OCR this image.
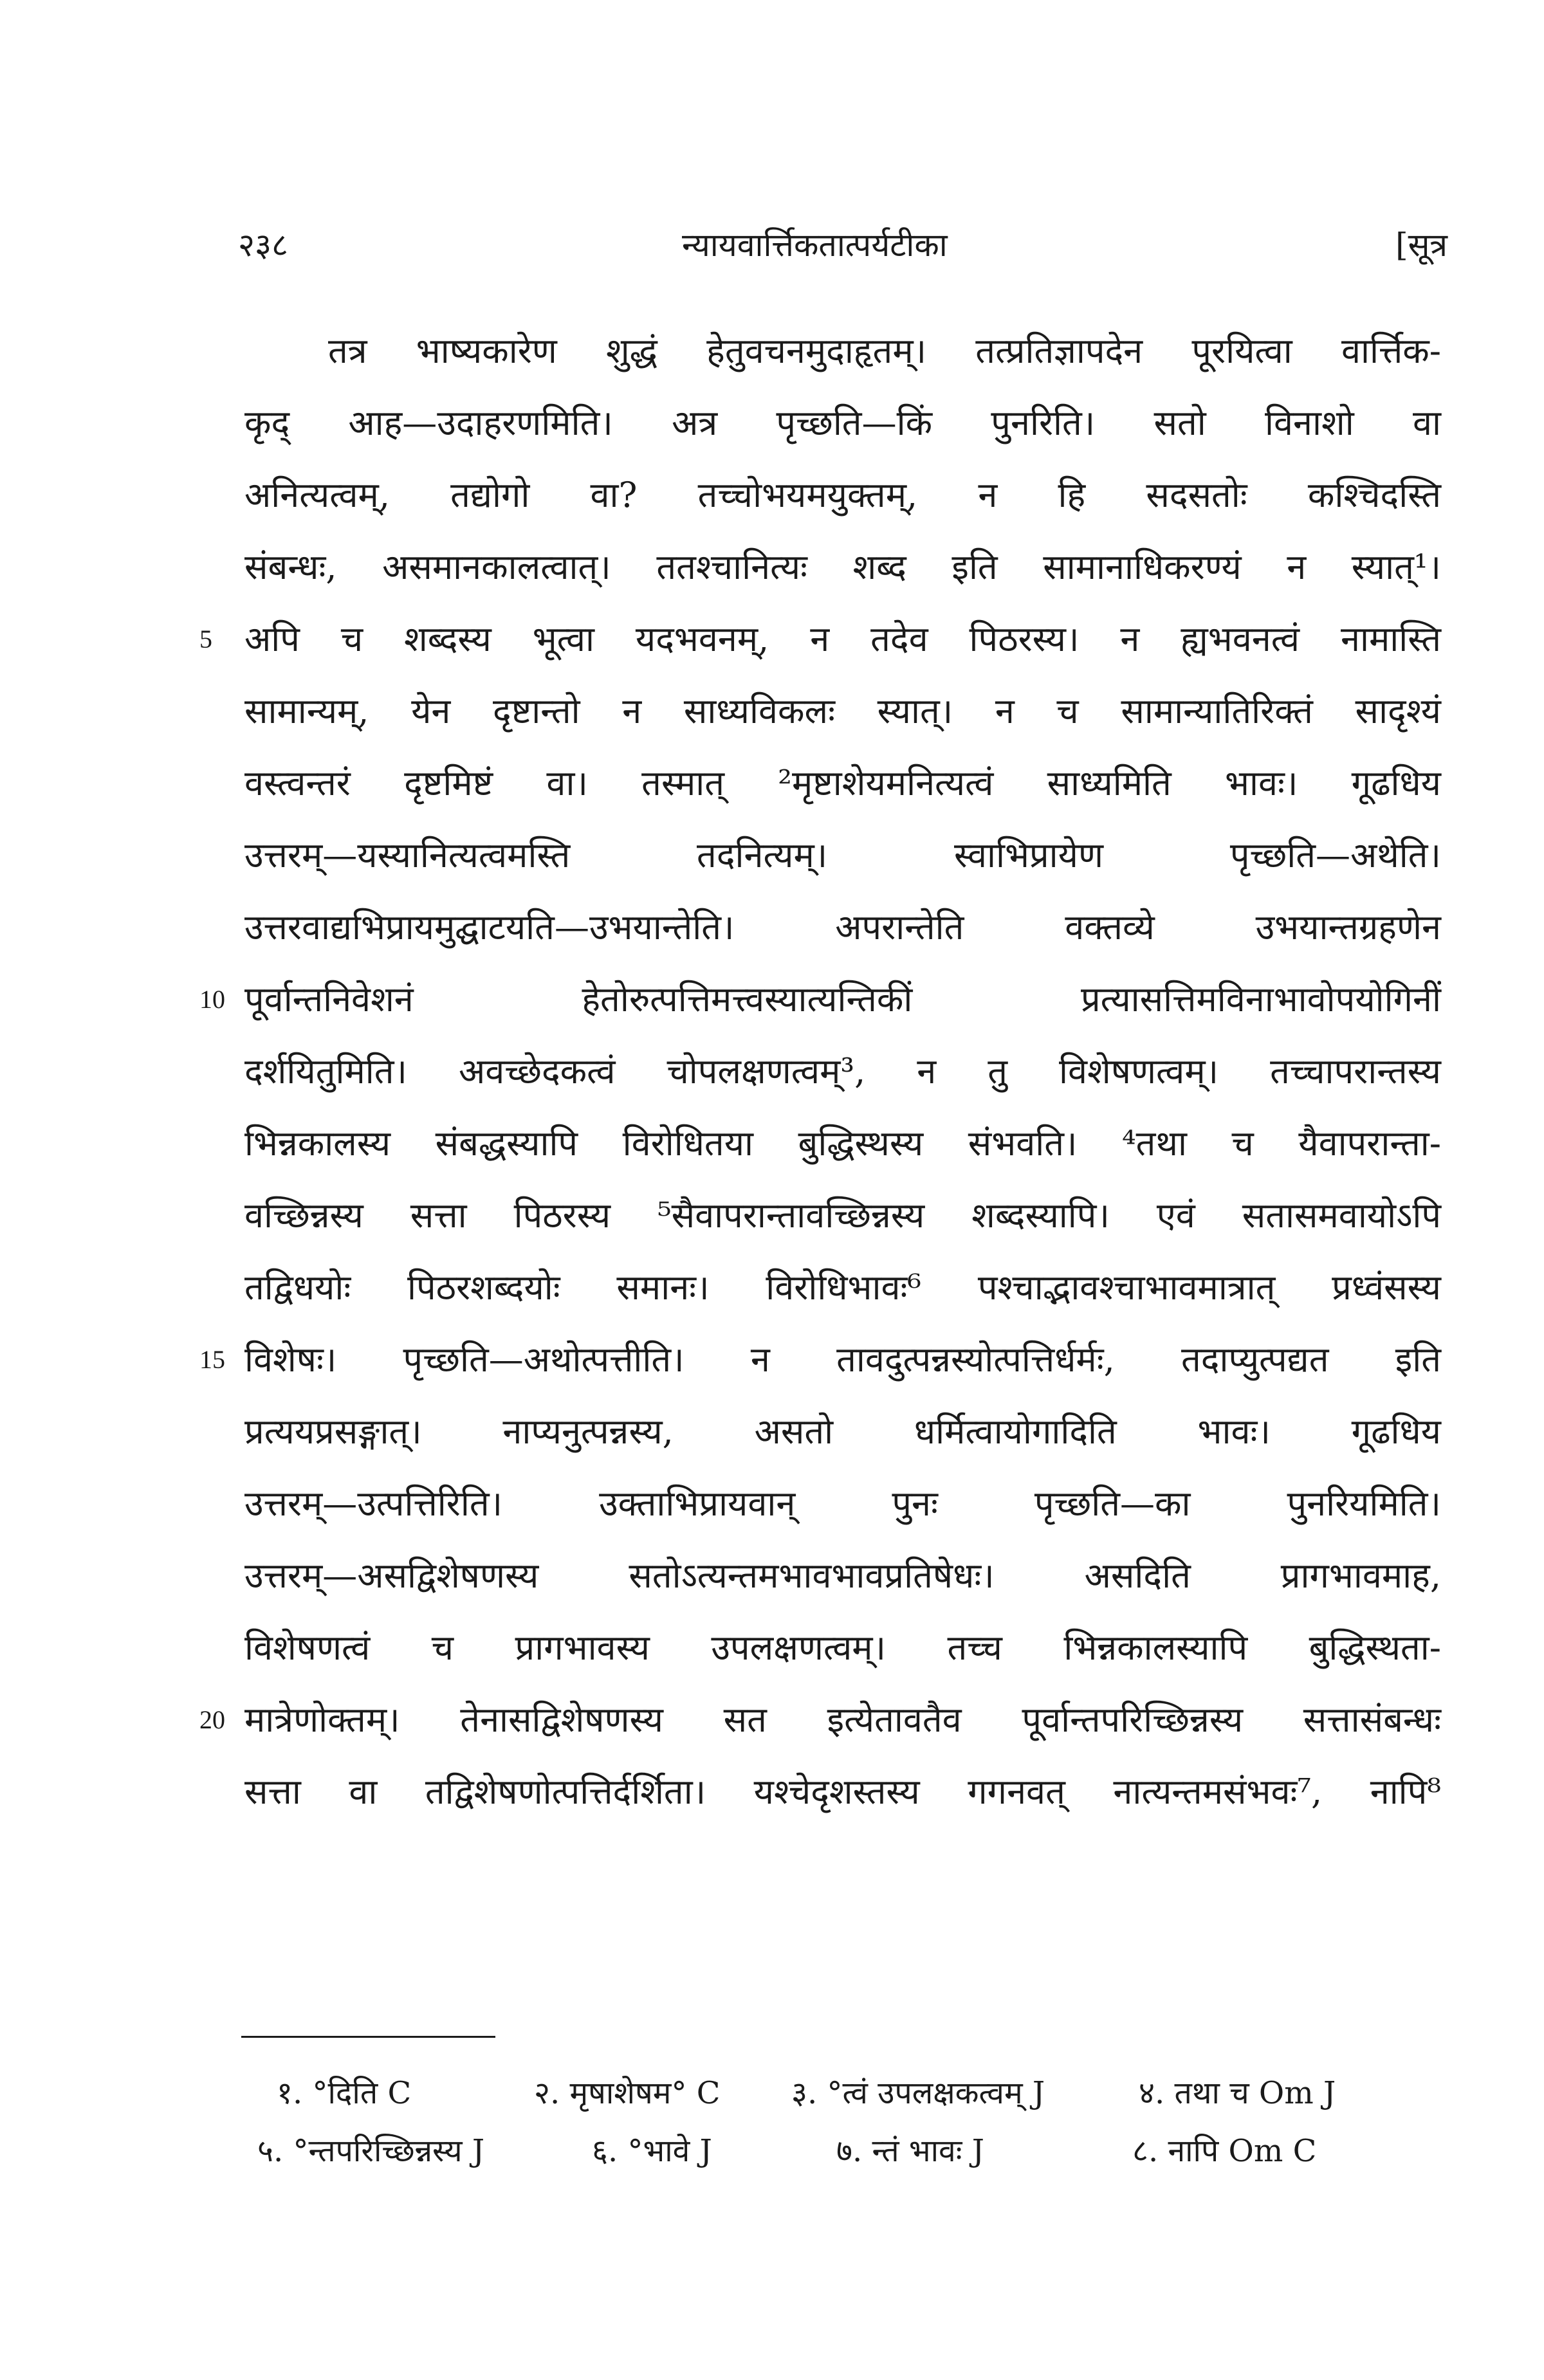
२३८	न्यायवार्त्तिकतात्पर्यटीका	[सूत्र
तत्र भाष्यकारेण शुद्धं हेतुवचनमुदाहृतम्। तत्प्रतिज्ञापदेन पूरयित्वा वार्त्तिक-
कृद् आह—उदाहरणमिति। अत्र पृच्छति—किं पुनरिति। सतो विनाशो वा
अनित्यत्वम्, तद्योगो वा? तच्चोभयमयुक्तम्, न हि सदसतोः कश्चिदस्ति
संबन्धः, असमानकालत्वात्। ततश्चानित्यः शब्द इति सामानाधिकरण्यं न स्यात्¹।
5 अपि च शब्दस्य भूत्वा यदभवनम्, न तदेव पिठरस्य। न ह्यभवनत्वं नामास्ति
सामान्यम्, येन दृष्टान्तो न साध्यविकलः स्यात्। न च सामान्यातिरिक्तं सादृश्यं
वस्त्वन्तरं दृष्टमिष्टं वा। तस्मात् ²मृष्टाशेयमनित्यत्वं साध्यमिति भावः। गूढधिय
उत्तरम्—यस्यानित्यत्वमस्ति तदनित्यम्। स्वाभिप्रायेण पृच्छति—अथेति।
उत्तरवाद्यभिप्रायमुद्घाटयति—उभयान्तेति। अपरान्तेति वक्तव्ये उभयान्तग्रहणेन
10 पूर्वान्तनिवेशनं हेतोरुत्पत्तिमत्त्वस्यात्यन्तिकीं प्रत्यासत्तिमविनाभावोपयोगिनीं
दर्शयितुमिति। अवच्छेदकत्वं चोपलक्षणत्वम्³, न तु विशेषणत्वम्। तच्चापरान्तस्य
भिन्नकालस्य संबद्धस्यापि विरोधितया बुद्धिस्थस्य संभवति। ⁴तथा च यैवापरान्ता-
वच्छिन्नस्य सत्ता पिठरस्य ⁵सैवापरान्तावच्छिन्नस्य शब्दस्यापि। एवं सतासमवायोऽपि
तद्विधयोः पिठरशब्दयोः समानः। विरोधिभावः⁶ पश्चाद्भावश्चाभावमात्रात् प्रध्वंसस्य
15 विशेषः। पृच्छति—अथोत्पत्तीति। न तावदुत्पन्नस्योत्पत्तिर्धर्मः, तदाप्युत्पद्यत इति
प्रत्ययप्रसङ्गात्। नाप्यनुत्पन्नस्य, असतो धर्मित्वायोगादिति भावः। गूढधिय
उत्तरम्—उत्पत्तिरिति। उक्ताभिप्रायवान् पुनः पृच्छति—का पुनरियमिति।
उत्तरम्—असद्विशेषणस्य सतोऽत्यन्तमभावभावप्रतिषेधः। असदिति प्रागभावमाह,
विशेषणत्वं च प्रागभावस्य उपलक्षणत्वम्। तच्च भिन्नकालस्यापि बुद्धिस्थता-
20 मात्रेणोक्तम्। तेनासद्विशेषणस्य सत इत्येतावतैव पूर्वान्तपरिच्छिन्नस्य सत्तासंबन्धः
सत्ता वा तद्विशेषणोत्पत्तिर्दर्शिता। यश्चेदृशस्तस्य गगनवत् नात्यन्तमसंभवः⁷, नापि⁸
१. °दिति C	२. मृषाशेषम° C ३. °त्वं उपलक्षकत्वम् J	४. तथा च Om J
५. °न्तपरिच्छिन्नस्य J	६. °भावे J	७. न्तं भावः J	८. नापि Om C
